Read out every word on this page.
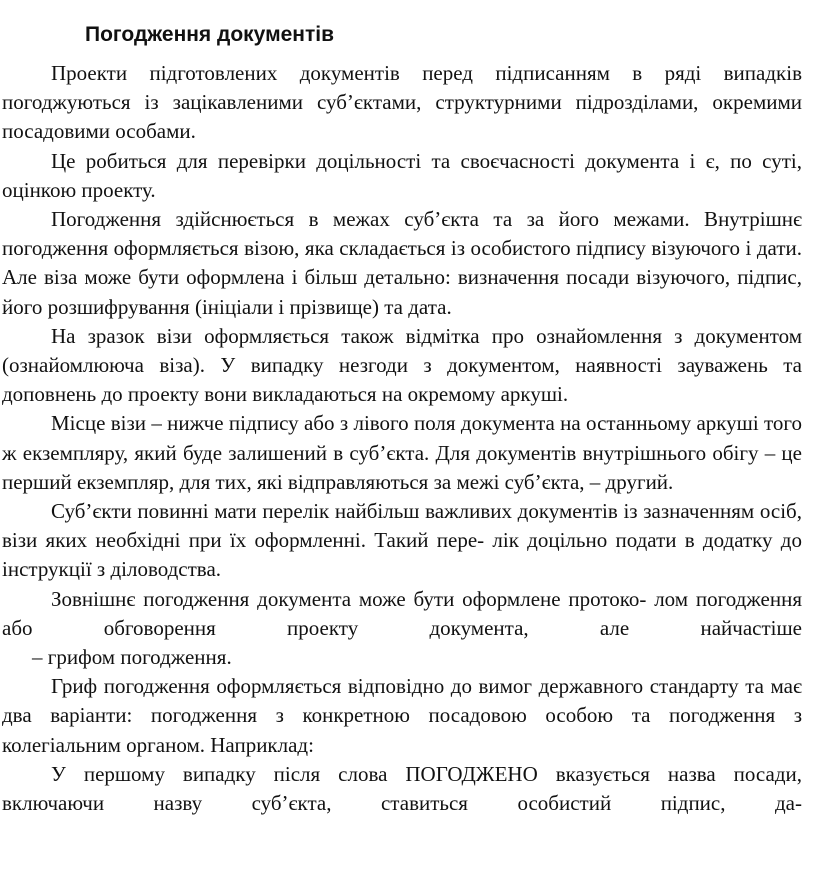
Погодження документів

Проекти підготовлених документів перед підписанням в ряді випадків погоджуються із зацікавленими суб’єктами, структурними підрозділами, окремими посадовими особами.

Це робиться для перевірки доцільності та своєчасності документа і є, по суті, оцінкою проекту.

Погодження здійснюється в межах суб’єкта та за його межами. Внутрішнє погодження оформляється візою, яка складається із особистого підпису візуючого і дати. Але віза може бути оформлена і більш детально: визначення посади візуючого, підпис, його розшифрування (ініціали і прізвище) та дата.

На зразок візи оформляється також відмітка про ознайомлення з документом (ознайомлююча віза). У випадку незгоди з документом, наявності зауважень та доповнень до проекту вони викладаються на окремому аркуші.

Місце візи – нижче підпису або з лівого поля документа на останньому аркуші того ж екземпляру, який буде залишений в суб’єкта. Для документів внутрішнього обігу – це перший екземпляр, для тих, які відправляються за межі суб’єкта, – другий.

Суб’єкти повинні мати перелік найбільш важливих документів із зазначенням осіб, візи яких необхідні при їх оформленні. Такий пере- лік доцільно подати в додатку до інструкції з діловодства.

Зовнішнє погодження документа може бути оформлене протоко- лом погодження або обговорення проекту документа, але найчастіше

– грифом погодження.

Гриф погодження оформляється відповідно до вимог державного стандарту та має два варіанти: погодження з конкретною посадовою особою та погодження з колегіальним органом. Наприклад:

У першому випадку після слова ПОГОДЖЕНО вказується назва посади, включаючи назву суб’єкта, ставиться особистий підпис, да-
